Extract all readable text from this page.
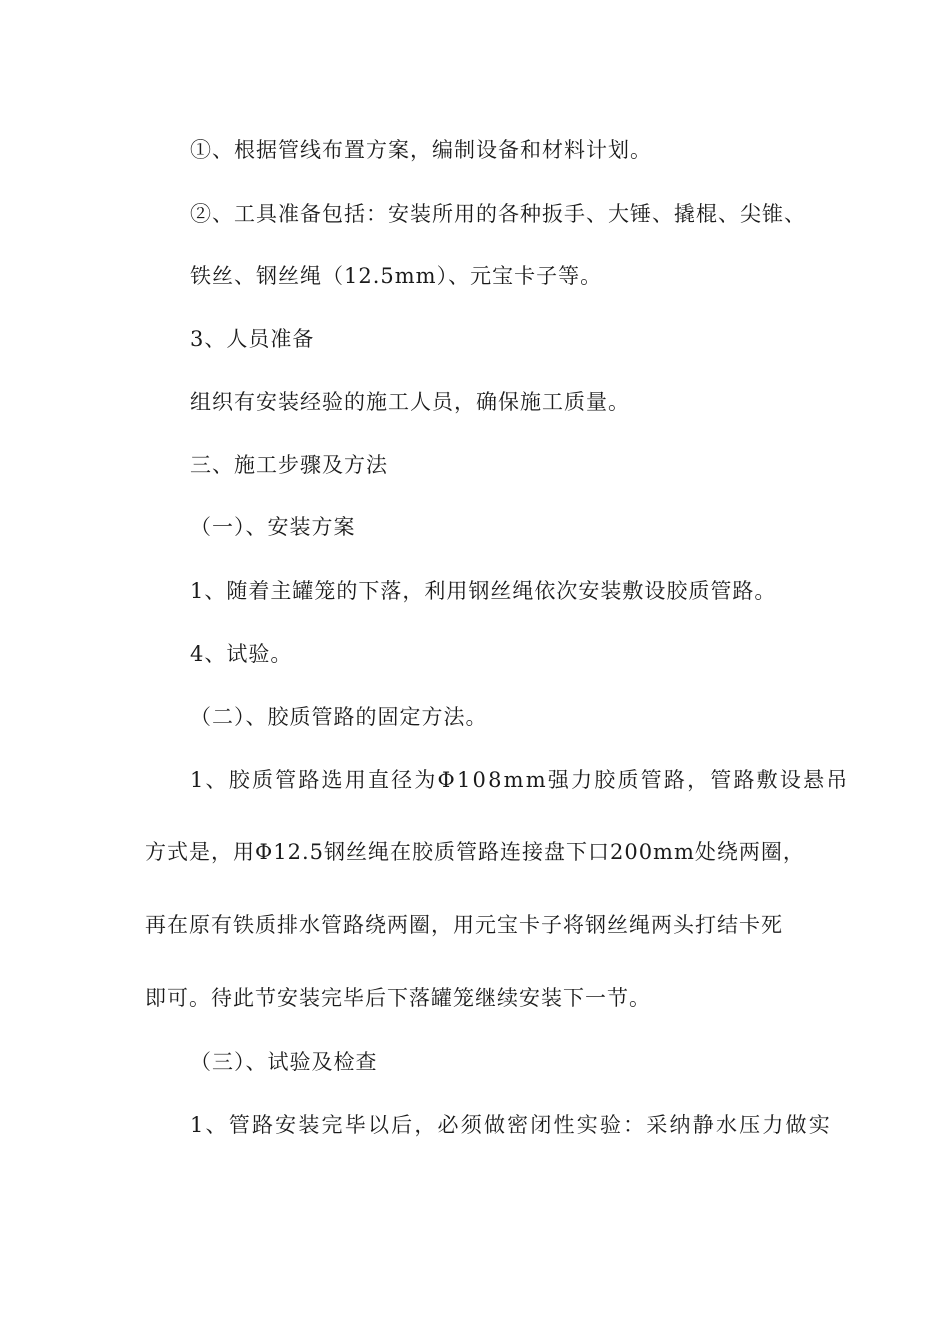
①、根据管线布置方案，编制设备和材料计划。
②、工具准备包括：安装所用的各种扳手、大锤、撬棍、尖锥、
铁丝、钢丝绳（12.5mm）、元宝卡子等。
3、人员准备
组织有安装经验的施工人员，确保施工质量。
三、施工步骤及方法
（一）、安装方案
1、随着主罐笼的下落，利用钢丝绳依次安装敷设胶质管路。
4、试验。
（二）、胶质管路的固定方法。
1、胶质管路选用直径为Φ108mm强力胶质管路，管路敷设悬吊
方式是，用Φ12.5钢丝绳在胶质管路连接盘下口200mm处绕两圈，
再在原有铁质排水管路绕两圈，用元宝卡子将钢丝绳两头打结卡死
即可。待此节安装完毕后下落罐笼继续安装下一节。
（三）、试验及检查
1、管路安装完毕以后，必须做密闭性实验：采纳静水压力做实
